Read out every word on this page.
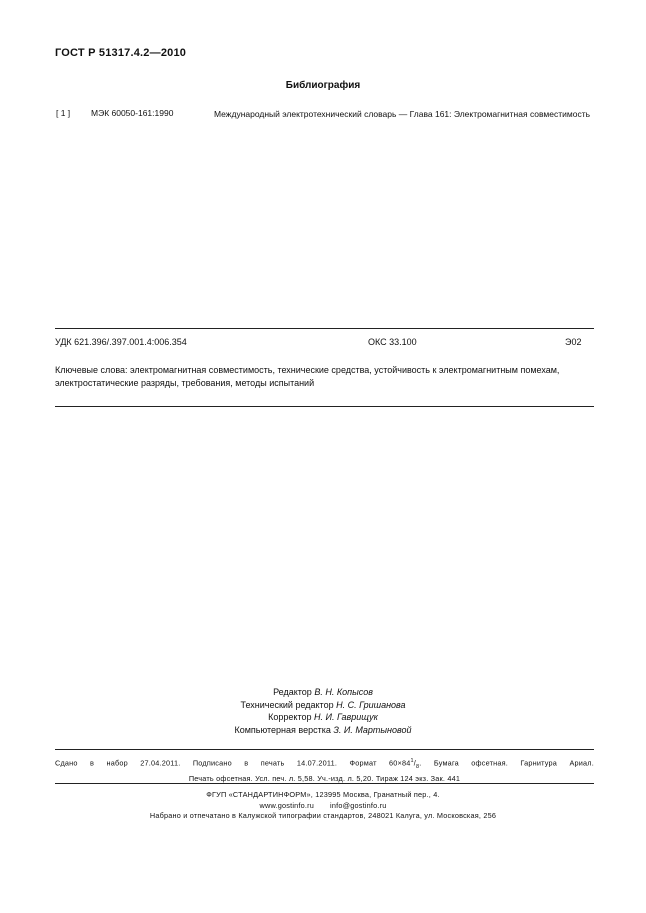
ГОСТ Р 51317.4.2—2010
Библиография
[ 1 ] МЭК 60050-161:1990	Международный электротехнический словарь — Глава 161: Электромагнитная совместимость
УДК 621.396/.397.001.4:006.354	ОКС 33.100	Э02
Ключевые слова: электромагнитная совместимость, технические средства, устойчивость к электромагнитным помехам, электростатические разряды, требования, методы испытаний
Редактор В. Н. Копысов
Технический редактор Н. С. Гришанова
Корректор Н. И. Гаврищук
Компьютерная верстка З. И. Мартыновой
Сдано в набор 27.04.2011. Подписано в печать 14.07.2011. Формат $60\times 84^1/_8$. Бумага офсетная. Гарнитура Ариал.
Печать офсетная. Усл. печ. л. 5,58. Уч.-изд. л. 5,20. Тираж 124 экз. Зак. 441
ФГУП «СТАНДАРТИНФОРМ», 123995 Москва, Гранатный пер., 4.
www.gostinfo.ru info@gostinfo.ru
Набрано и отпечатано в Калужской типографии стандартов, 248021 Калуга, ул. Московская, 256
